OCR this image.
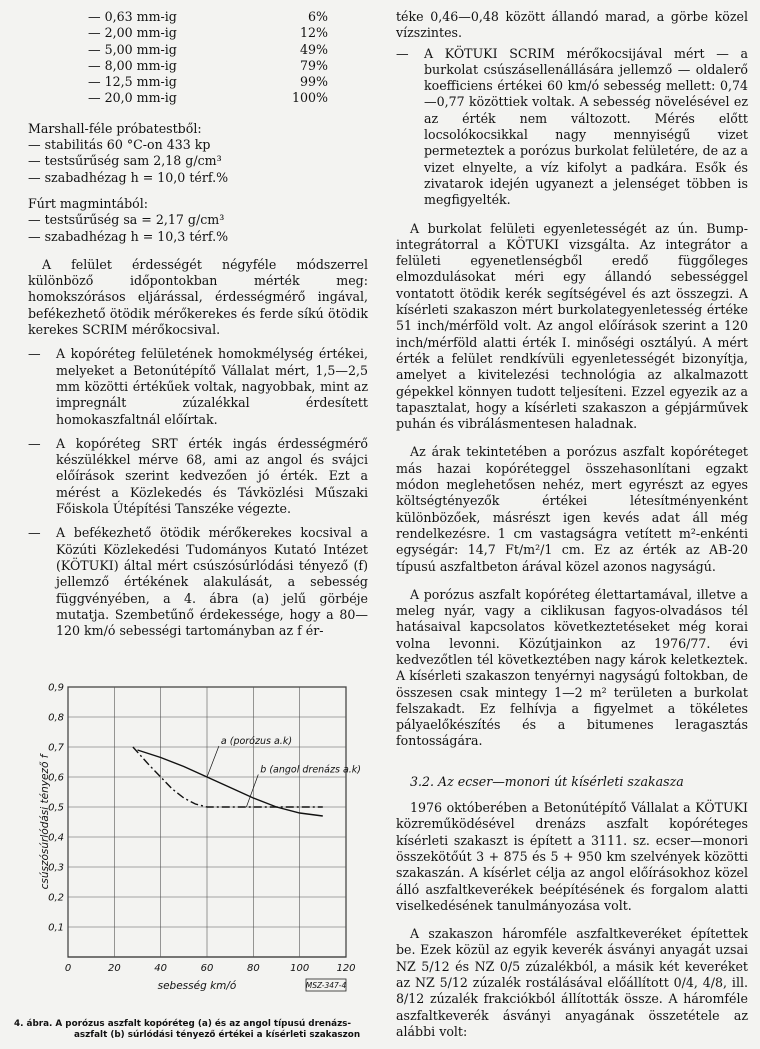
— 0,63 mm-ig	6%
— 2,00 mm-ig	12%
— 5,00 mm-ig	49%
— 8,00 mm-ig	79%
— 12,5 mm-ig	99%
— 20,0 mm-ig	100%

Marshall-féle próbatestből:

— stabilitás 60 °C-on 433 kp

— testsűrűség sam 2,18 g/cm³

— szabadhézag h = 10,0 térf.%

Fúrt magmintából:

— testsűrűség sa = 2,17 g/cm³

— szabadhézag h = 10,3 térf.%

A felület érdességét négyféle módszerrel különböző időpontokban mérték meg: homokszórásos eljárással, érdességmérő ingával, befékezhető ötödik mérőkerekes és ferde síkú ötödik kerekes SCRIM mérőkocsival.

—	A kopóréteg felületének homokmélység értékei, melyeket a Betonútépítő Vállalat mért, 1,5—2,5 mm közötti értékűek voltak, nagyobbak, mint az impregnált zúzalékkal érdesített homokaszfaltnál előírtak.
—	A kopóréteg SRT érték ingás érdességmérő készülékkel mérve 68, ami az angol és svájci előírások szerint kedvezően jó érték. Ezt a mérést a Közlekedés és Távközlési Műszaki Főiskola Útépítési Tanszéke végezte.
—	A befékezhető ötödik mérőkerekes kocsival a Közúti Közlekedési Tudományos Kutató Intézet (KÖTUKI) által mért csúszósúrlódási tényező (f) jellemző értékének alakulását, a sebesség függvényében, a 4. ábra (a) jelű görbéje mutatja. Szembetűnő érdekessége, hogy a 80—120 km/ó sebességi tartományban az f ér-
0	20	40	60	80	100	120
0,1
0,2
0,3
0,4
0,5
0,6
0,7
0,8
0,9
sebesség km/ó
csúszósúrlódási tényező f
MSZ-347-4
a (porózus a.k)
b (angol drenázs a.k)
4. ábra. A porózus aszfalt kopóréteg (a) és az angol típusú drenázs-
aszfalt (b) súrlódási tényező értékei a kísérleti szakaszon

téke 0,46—0,48 között állandó marad, a görbe közel vízszintes.

—	A KÖTUKI SCRIM mérőkocsijával mért — a burkolat csúszásellenállására jellemző — oldalerő koefficiens értékei 60 km/ó sebesség mellett: 0,74—0,77 közöttiek voltak. A sebesség növelésével ez az érték nem változott. Mérés előtt locsolókocsikkal nagy mennyiségű vizet permeteztek a porózus burkolat felületére, de az a vizet elnyelte, a víz kifolyt a padkára. Esők és zivatarok idején ugyanezt a jelenséget többen is megfigyelték.

A burkolat felületi egyenletességét az ún. Bump-integrátorral a KÖTUKI vizsgálta. Az integrátor a felületi egyenetlenségből eredő függőleges elmozdulásokat méri egy állandó sebességgel vontatott ötödik kerék segítségével és azt összegzi. A kísérleti szakaszon mért burkolategyenletesség értéke 51 inch/mérföld volt. Az angol előírások szerint a 120 inch/mérföld alatti érték I. minőségi osztályú. A mért érték a felület rendkívüli egyenletességét bizonyítja, amelyet a kivitelezési technológia az alkalmazott gépekkel könnyen tudott teljesíteni. Ezzel egyezik az a tapasztalat, hogy a kísérleti szakaszon a gépjárművek puhán és vibrálásmentesen haladnak.

Az árak tekintetében a porózus aszfalt kopóréteget más hazai kopóréteggel összehasonlítani egzakt módon meglehetősen nehéz, mert egyrészt az egyes költségtényezők értékei létesítményenként különbözőek, másrészt igen kevés adat áll még rendelkezésre. 1 cm vastagságra vetített m²-enkénti egységár: 14,7 Ft/m²/1 cm. Ez az érték az AB-20 típusú aszfaltbeton árával közel azonos nagyságú.

A porózus aszfalt kopóréteg élettartamával, illetve a meleg nyár, vagy a ciklikusan fagyos-olvadásos tél hatásaival kapcsolatos következtetéseket még korai volna levonni. Közútjainkon az 1976/77. évi kedvezőtlen tél következtében nagy károk keletkeztek. A kísérleti szakaszon tenyérnyi nagyságú foltokban, de összesen csak mintegy 1—2 m² területen a burkolat felszakadt. Ez felhívja a figyelmet a tökéletes pályaelőkészítés és a bitumenes leragasztás fontosságára.

3.2. Az ecser—monori út kísérleti szakasza

1976 októberében a Betonútépítő Vállalat a KÖTUKI közreműködésével drenázs aszfalt kopóréteges kísérleti szakaszt is épített a 3111. sz. ecser—monori összekötőút 3 + 875 és 5 + 950 km szelvények közötti szakaszán. A kísérlet célja az angol előírásokhoz közel álló aszfaltkeverékek beépítésének és forgalom alatti viselkedésének tanulmányozása volt.

A szakaszon háromféle aszfaltkeveréket építettek be. Ezek közül az egyik keverék ásványi anyagát uzsai NZ 5/12 és NZ 0/5 zúzalékból, a másik két keveréket az NZ 5/12 zúzalék rostálásával előállított 0/4, 4/8, ill. 8/12 zúzalék frakciókból állították össze. A háromféle aszfaltkeverék ásványi anyagának összetétele az alábbi volt:
